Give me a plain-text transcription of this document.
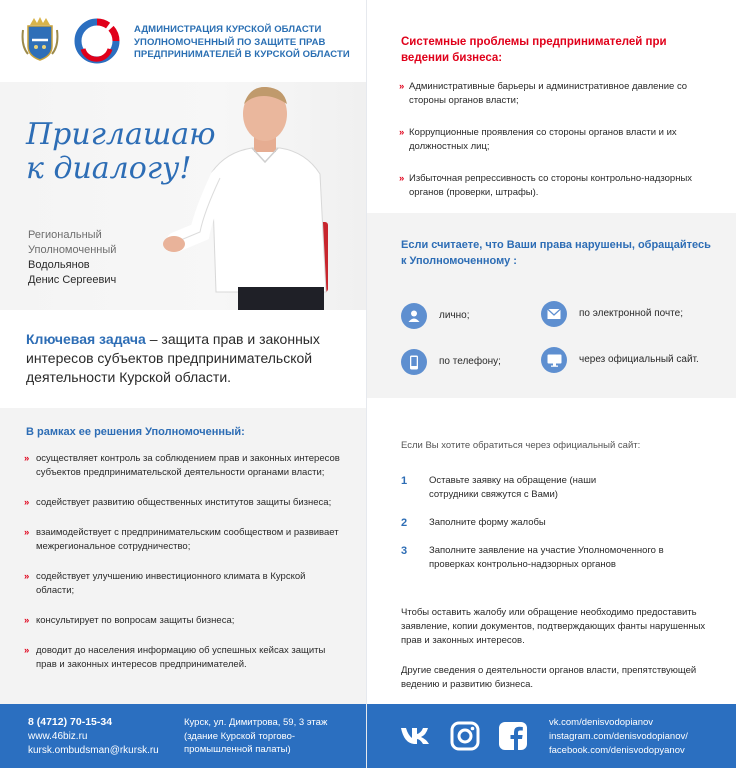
АДМИНИСТРАЦИЯ КУРСКОЙ ОБЛАСТИ
УПОЛНОМОЧЕННЫЙ ПО ЗАЩИТЕ ПРАВ
ПРЕДПРИНИМАТЕЛЕЙ В КУРСКОЙ ОБЛАСТИ
Приглашаю
к диалогу!
Региональный
Уполномоченный
Водольянов
Денис Сергеевич
Ключевая задача – защита прав и законных интересов субъектов предпринимательской деятельности Курской области.
В рамках ее решения Уполномоченный:
» осуществляет контроль за соблюдением прав и законных интересов субъектов предпринимательской деятельности органами власти;
» содействует развитию общественных институтов защиты бизнеса;
» взаимодействует с предпринимательским сообществом и развивает межрегиональное сотрудничество;
» содействует улучшению инвестиционного климата в Курской области;
» консультирует по вопросам защиты бизнеса;
» доводит до населения информацию об успешных кейсах защиты прав и законных интересов предпринимателей.
8 (4712) 70-15-34
www.46biz.ru
kursk.ombudsman@rkursk.ru
Курск, ул. Димитрова, 59, 3 этаж (здание Курской торгово-промышленной палаты)
Системные проблемы предпринимателей при ведении бизнеса:
» Административные барьеры и административное давление со стороны органов власти;
» Коррупционные проявления со стороны органов власти и их должностных лиц;
» Избыточная репрессивность со стороны контрольно-надзорных органов (проверки, штрафы).
Если считаете, что Ваши права нарушены, обращайтесь к Уполномоченному :
лично;	по электронной почте;
по телефону;	через официальный сайт.
Если Вы хотите обратиться через официальный сайт:
1 Оставьте заявку на обращение (наши сотрудники свяжутся с Вами)
2 Заполните форму жалобы
3 Заполните заявление на участие Уполномоченного в проверках контрольно-надзорных органов
Чтобы оставить жалобу или обращение необходимо предоставить заявление, копии документов, подтверждающих фанты нарушенных прав и законных интересов.
Другие сведения о деятельности органов власти, препятствующей ведению и развитию бизнеса.
vk.com/denisvodopianov
instagram.com/denisvodopianov/
facebook.com/denisvodopyanov
